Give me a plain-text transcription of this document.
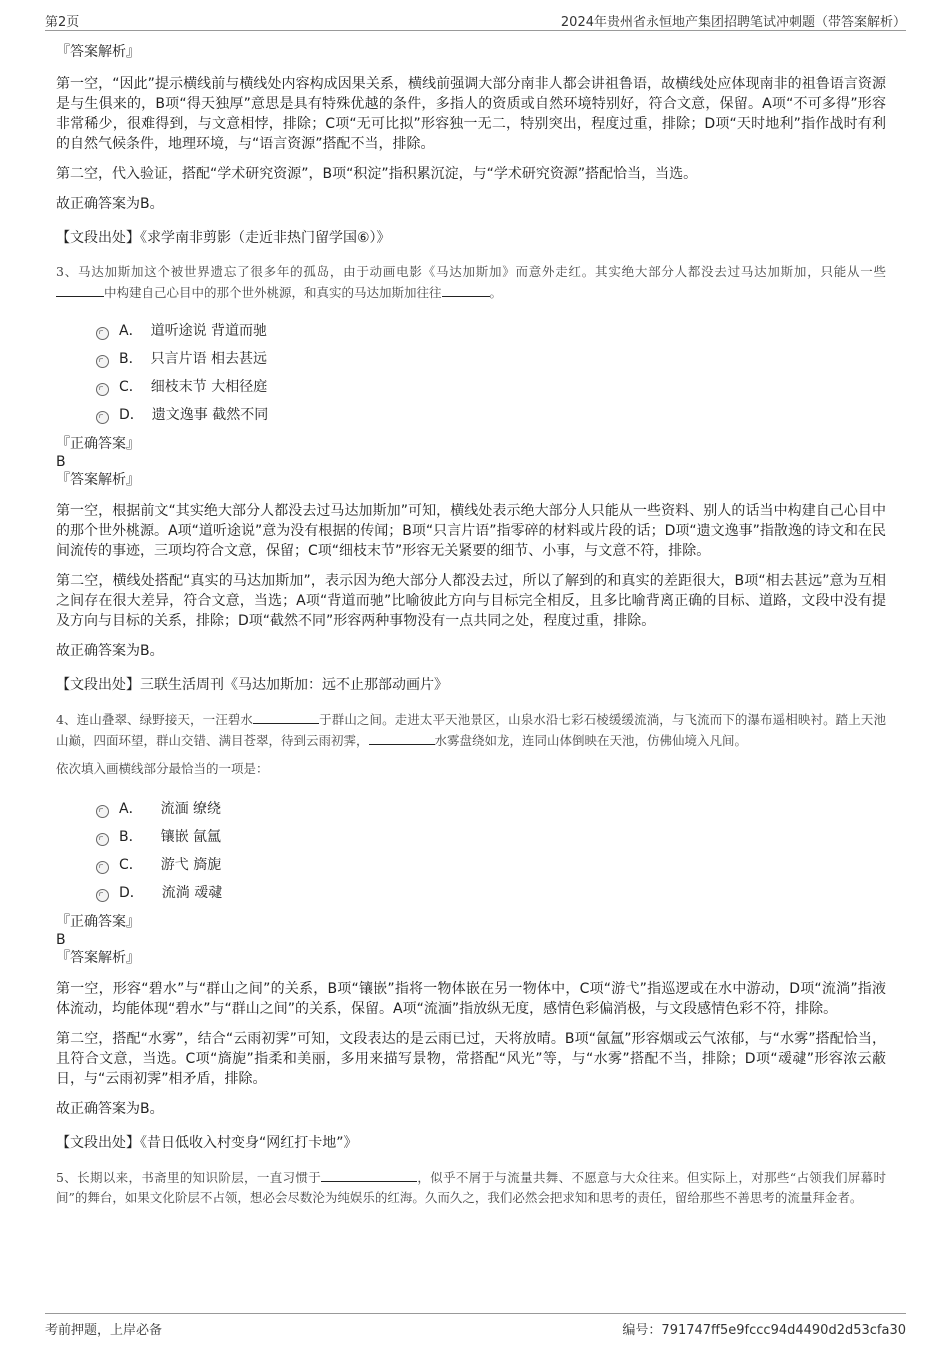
第2页	2024年贵州省永恒地产集团招聘笔试冲刺题（带答案解析）

『答案解析』

第一空，“因此”提示横线前与横线处内容构成因果关系，横线前强调大部分南非人都会讲祖鲁语，故横线处应体现南非的祖鲁语言资源是与生俱来的，B项“得天独厚”意思是具有特殊优越的条件，多指人的资质或自然环境特别好，符合文意，保留。A项“不可多得”形容非常稀少，很难得到，与文意相悖，排除；C项“无可比拟”形容独一无二，特别突出，程度过重，排除；D项“天时地利”指作战时有利的自然气候条件，地理环境，与“语言资源”搭配不当，排除。

第二空，代入验证，搭配“学术研究资源”，B项“积淀”指积累沉淀，与“学术研究资源”搭配恰当，当选。

故正确答案为B。

【文段出处】《求学南非剪影（走近非热门留学国⑥）》

3、马达加斯加这个被世界遗忘了很多年的孤岛，由于动画电影《马达加斯加》而意外走红。其实绝大部分人都没去过马达加斯加，只能从一些中构建自己心目中的那个世外桃源，和真实的马达加斯加往往	。

A． 道听途说 背道而驰
B． 只言片语 相去甚远
C． 细枝末节 大相径庭
D． 遗文逸事 截然不同

『正确答案』

B

『答案解析』

第一空，根据前文“其实绝大部分人都没去过马达加斯加”可知，横线处表示绝大部分人只能从一些资料、别人的话当中构建自己心目中的那个世外桃源。A项“道听途说”意为没有根据的传闻；B项“只言片语”指零碎的材料或片段的话；D项“遗文逸事”指散逸的诗文和在民间流传的事迹，三项均符合文意，保留；C项“细枝末节”形容无关紧要的细节、小事，与文意不符，排除。

第二空，横线处搭配“真实的马达加斯加”，表示因为绝大部分人都没去过，所以了解到的和真实的差距很大，B项“相去甚远”意为互相之间存在很大差异，符合文意，当选；A项“背道而驰”比喻彼此方向与目标完全相反，且多比喻背离正确的目标、道路，文段中没有提及方向与目标的关系，排除；D项“截然不同”形容两种事物没有一点共同之处，程度过重，排除。

故正确答案为B。

【文段出处】三联生活周刊《马达加斯加：远不止那部动画片》

4、连山叠翠、绿野接天，一汪碧水	于群山之间。走进太平天池景区，山泉水沿七彩石棱缓缓流淌，与飞流而下的瀑布遥相映衬。踏上天池山巅，四面环望，群山交错、满目苍翠，待到云雨初霁，	水雾盘绕如龙，连同山体倒映在天池，仿佛仙境入凡间。

依次填入画横线部分最恰当的一项是：

A． 流湎 缭绕
B． 镶嵌 氤氲
C． 游弋 旖旎
D． 流淌 叆叇

『正确答案』

B

『答案解析』

第一空，形容“碧水”与“群山之间”的关系，B项“镶嵌”指将一物体嵌在另一物体中，C项“游弋”指巡逻或在水中游动，D项“流淌”指液体流动，均能体现“碧水”与“群山之间”的关系，保留。A项“流湎”指放纵无度，感情色彩偏消极，与文段感情色彩不符，排除。

第二空，搭配“水雾”，结合“云雨初霁”可知，文段表达的是云雨已过，天将放晴。B项“氤氲”形容烟或云气浓郁，与“水雾”搭配恰当，且符合文意，当选。C项“旖旎”指柔和美丽，多用来描写景物，常搭配“风光”等，与“水雾”搭配不当，排除；D项“叆叇”形容浓云蔽日，与“云雨初霁”相矛盾，排除。

故正确答案为B。

【文段出处】《昔日低收入村变身“网红打卡地”》

5、长期以来，书斋里的知识阶层，一直习惯于	，似乎不屑于与流量共舞、不愿意与大众往来。但实际上，对那些“占领我们屏幕时间”的舞台，如果文化阶层不占领，想必会尽数沦为纯娱乐的红海。久而久之，我们必然会把求知和思考的责任，留给那些不善思考的流量拜金者。

考前押题，上岸必备	编号：791747ff5e9fccc94d4490d2d53cfa30
